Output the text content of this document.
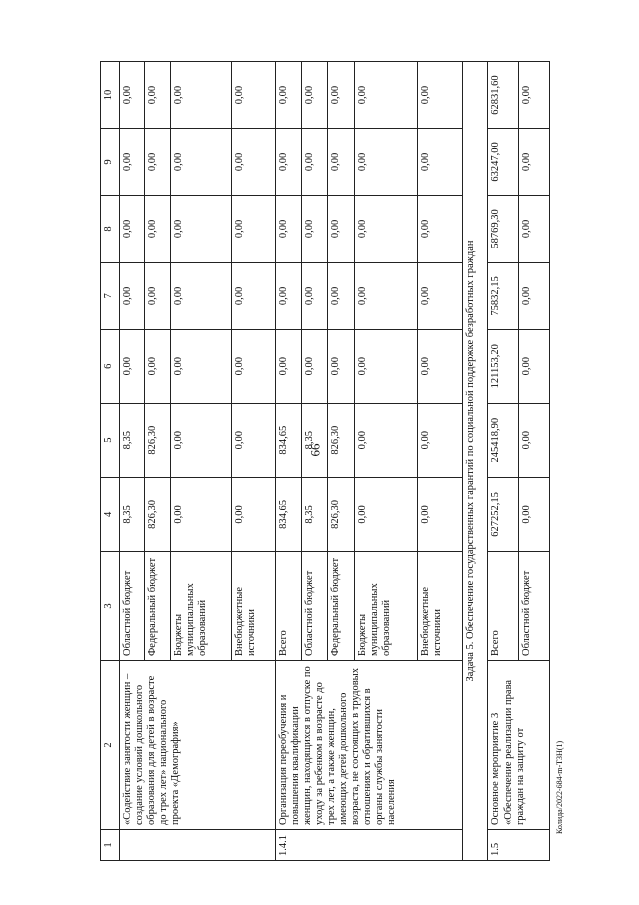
66
Колида/2022-684-m-ТЗН(1)
1	2	3	4	5	6	7	8	9	10
	«Содействие занятости женщин – создание условий дошкольного образования для детей в возрасте до трех лет» национального проекта «Демография»	Областной бюджет	8,35	8,35	0,00	0,00	0,00	0,00	0,00
		Федеральный бюджет	826,30	826,30	0,00	0,00	0,00	0,00	0,00
		Бюджеты муниципальных образований	0,00	0,00	0,00	0,00	0,00	0,00	0,00
		Внебюджетные источники	0,00	0,00	0,00	0,00	0,00	0,00	0,00
1.4.1	Организация переобучения и повышения квалификации женщин, находящихся в отпуске по уходу за ребенком в возрасте до трех лет, а также женщин, имеющих детей дошкольного возраста, не состоящих в трудовых отношениях и обратившихся в органы службы занятости населения	Всего	834,65	834,65	0,00	0,00	0,00	0,00	0,00
		Областной бюджет	8,35	8,35	0,00	0,00	0,00	0,00	0,00
		Федеральный бюджет	826,30	826,30	0,00	0,00	0,00	0,00	0,00
		Бюджеты муниципальных образований	0,00	0,00	0,00	0,00	0,00	0,00	0,00
		Внебюджетные источники	0,00	0,00	0,00	0,00	0,00	0,00	0,00
Задача 5. Обеспечение государственных гарантий по социальной поддержке безработных граждан									
1.5	Основное мероприятие 3 «Обеспечение реализации права граждан на защиту от	Всего	627252,15	245418,90	121153,20	75832,15	58769,30	63247,00	62831,60
		Областной бюджет	0,00	0,00	0,00	0,00	0,00	0,00	0,00
